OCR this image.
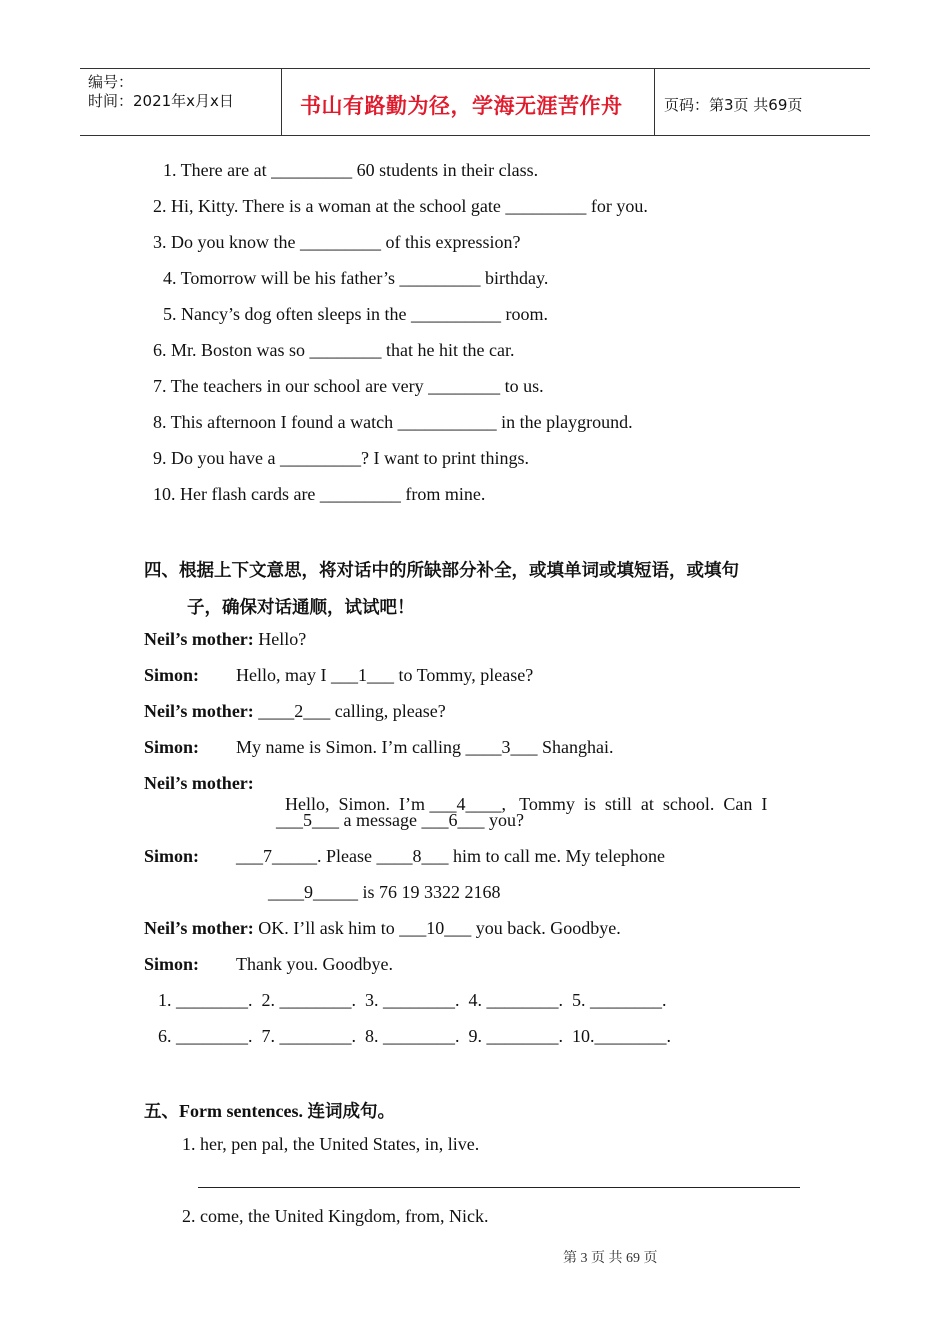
编号：
时间：2021年x月x日	书山有路勤为径，学海无涯苦作舟	页码：第3页 共69页
1. There are at _________ 60 students in their class.
2. Hi, Kitty. There is a woman at the school gate _________ for you.
3. Do you know the _________ of this expression?
4. Tomorrow will be his father’s _________ birthday.
5. Nancy’s dog often sleeps in the __________ room.
6. Mr. Boston was so ________ that he hit the car.
7. The teachers in our school are very ________ to us.
8. This afternoon I found a watch ___________ in the playground.
9. Do you have a _________? I want to print things.
10. Her flash cards are _________ from mine.
四、根据上下文意思，将对话中的所缺部分补全，或填单词或填短语，或填句
子，确保对话通顺，试试吧！
Neil’s mother: Hello?
Simon: Hello, may I ___1___ to Tommy, please?
Neil’s mother: ____2___ calling, please?
Simon: My name is Simon. I’m calling ____3___ Shanghai.
Neil’s mother:

Hello,  Simon.  I’m ___4____,   Tommy  is  still  at  school.  Can  I

___5___ a message ___6___ you?
Simon: ___7_____. Please ____8___ him to call me. My telephone
____9_____ is 76 19 3322 2168
Neil’s mother: OK. I’ll ask him to ___10___ you back. Goodbye.
Simon: Thank you. Goodbye.
1. ________.  2. ________.  3. ________.  4. ________.  5. ________.
6. ________.  7. ________.  8. ________.  9. ________.  10.________.
五、Form sentences. 连词成句。
1. her, pen pal, the United States, in, live.
2. come, the United Kingdom, from, Nick.
第 3 页 共 69 页
